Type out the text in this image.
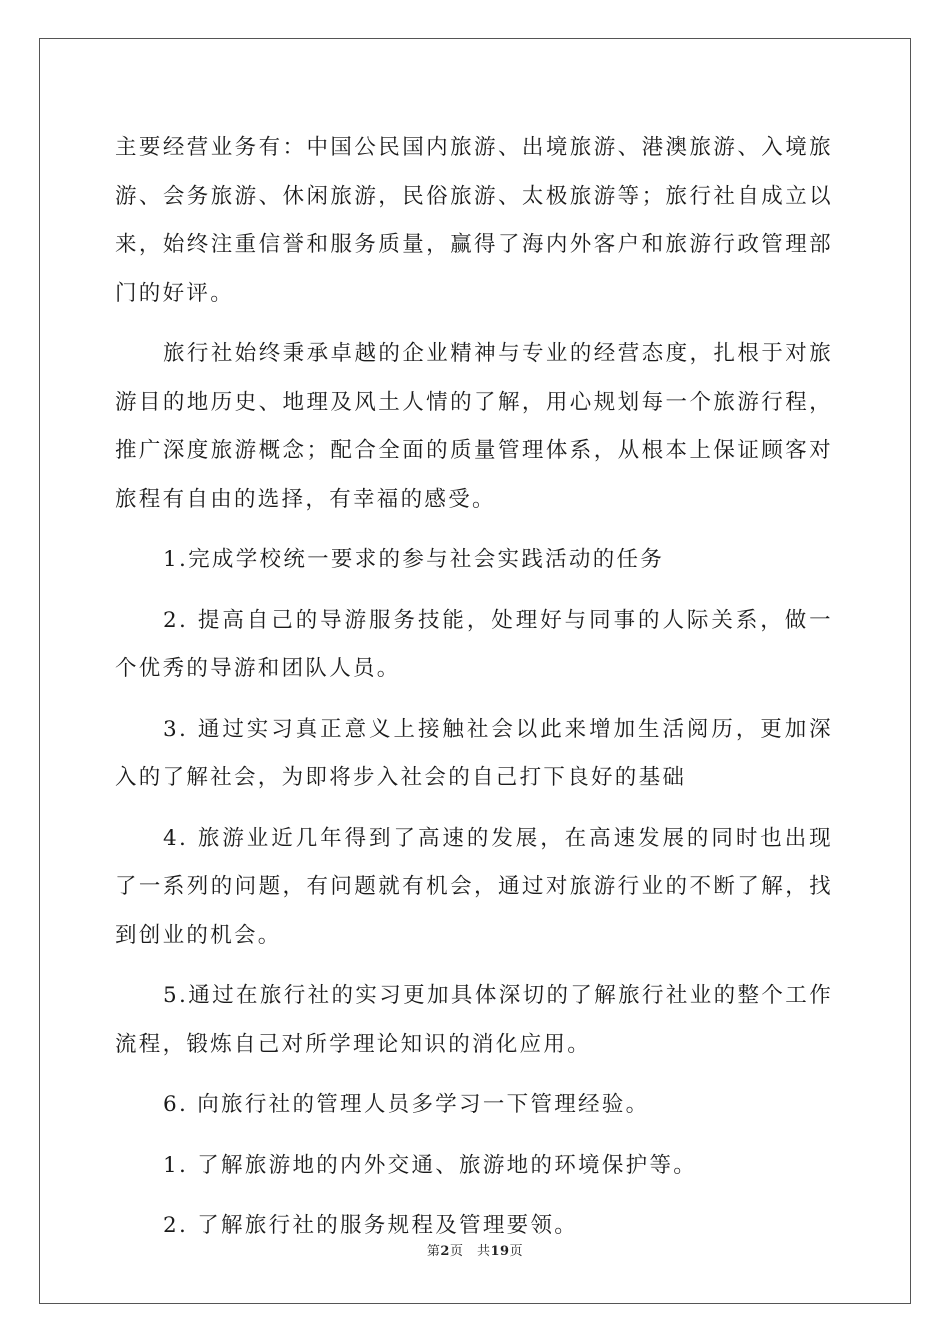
主要经营业务有：中国公民国内旅游、出境旅游、港澳旅游、入境旅游、会务旅游、休闲旅游，民俗旅游、太极旅游等；旅行社自成立以来，始终注重信誉和服务质量，赢得了海内外客户和旅游行政管理部门的好评。

旅行社始终秉承卓越的企业精神与专业的经营态度，扎根于对旅游目的地历史、地理及风土人情的了解，用心规划每一个旅游行程，推广深度旅游概念；配合全面的质量管理体系，从根本上保证顾客对旅程有自由的选择，有幸福的感受。

1.完成学校统一要求的参与社会实践活动的任务

2. 提高自己的导游服务技能，处理好与同事的人际关系，做一个优秀的导游和团队人员。

3. 通过实习真正意义上接触社会以此来增加生活阅历，更加深入的了解社会，为即将步入社会的自己打下良好的基础

4. 旅游业近几年得到了高速的发展，在高速发展的同时也出现了一系列的问题，有问题就有机会，通过对旅游行业的不断了解，找到创业的机会。

5.通过在旅行社的实习更加具体深切的了解旅行社业的整个工作流程，锻炼自己对所学理论知识的消化应用。

6. 向旅行社的管理人员多学习一下管理经验。

1. 了解旅游地的内外交通、旅游地的环境保护等。

2. 了解旅行社的服务规程及管理要领。

第2页　共19页
